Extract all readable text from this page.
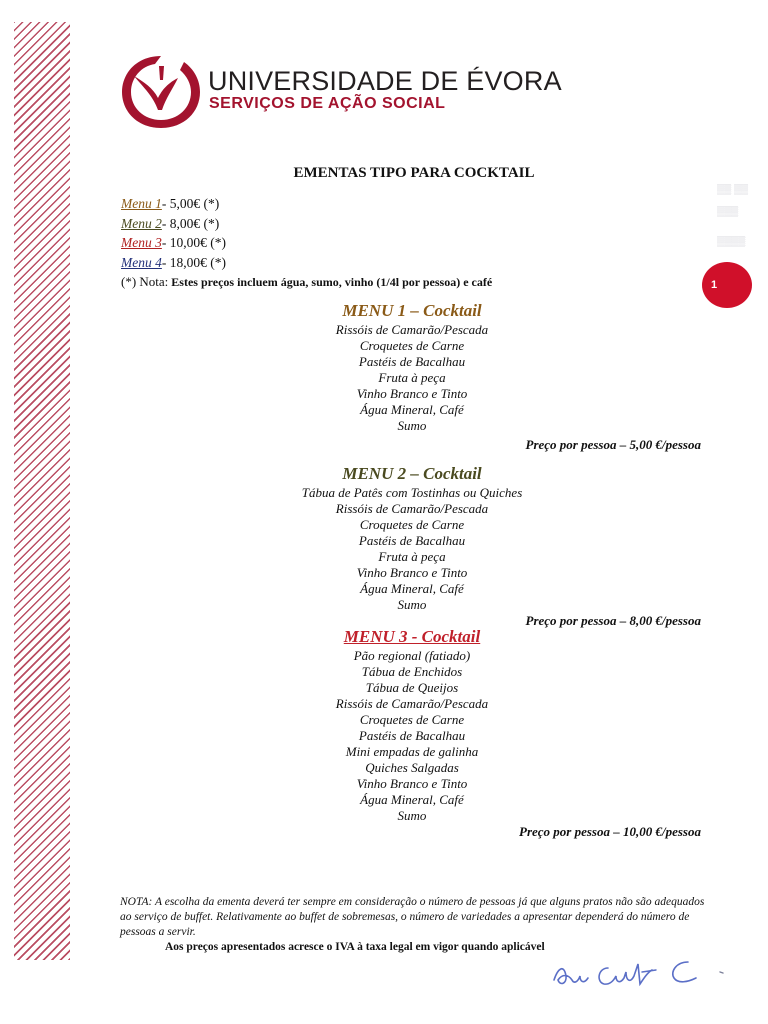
UNIVERSIDADE DE ÉVORA
SERVIÇOS DE AÇÃO SOCIAL
▒▒ ▒▒
▒▒▒
▒▒▒▒
1
EMENTAS TIPO PARA COCKTAIL
Menu 1- 5,00€ (*)
Menu 2- 8,00€ (*)
Menu 3- 10,00€ (*)
Menu 4- 18,00€ (*)
(*) Nota: Estes preços incluem água, sumo, vinho (1/4l por pessoa) e café
MENU 1 – Cocktail
Rissóis de Camarão/Pescada
Croquetes de Carne
Pastéis de Bacalhau
Fruta à peça
Vinho Branco e Tinto
Água Mineral, Café
Sumo
Preço por pessoa – 5,00 €/pessoa
MENU 2 – Cocktail
Tábua de Patês com Tostinhas ou Quiches
Rissóis de Camarão/Pescada
Croquetes de Carne
Pastéis de Bacalhau
Fruta à peça
Vinho Branco e Tinto
Água Mineral, Café
Sumo
Preço por pessoa – 8,00 €/pessoa
MENU 3 - Cocktail
Pão regional (fatiado)
Tábua de Enchidos
Tábua de Queijos
Rissóis de Camarão/Pescada
Croquetes de Carne
Pastéis de Bacalhau
Mini empadas de galinha
Quiches Salgadas
Vinho Branco e Tinto
Água Mineral, Café
Sumo
Preço por pessoa – 10,00 €/pessoa

NOTA: A escolha da ementa deverá ter sempre em consideração o número de pessoas já que alguns pratos não são adequados ao serviço de buffet. Relativamente ao buffet de sobremesas, o número de variedades a apresentar dependerá do número de pessoas a servir.

Aos preços apresentados acresce o IVA à taxa legal em vigor quando aplicável
